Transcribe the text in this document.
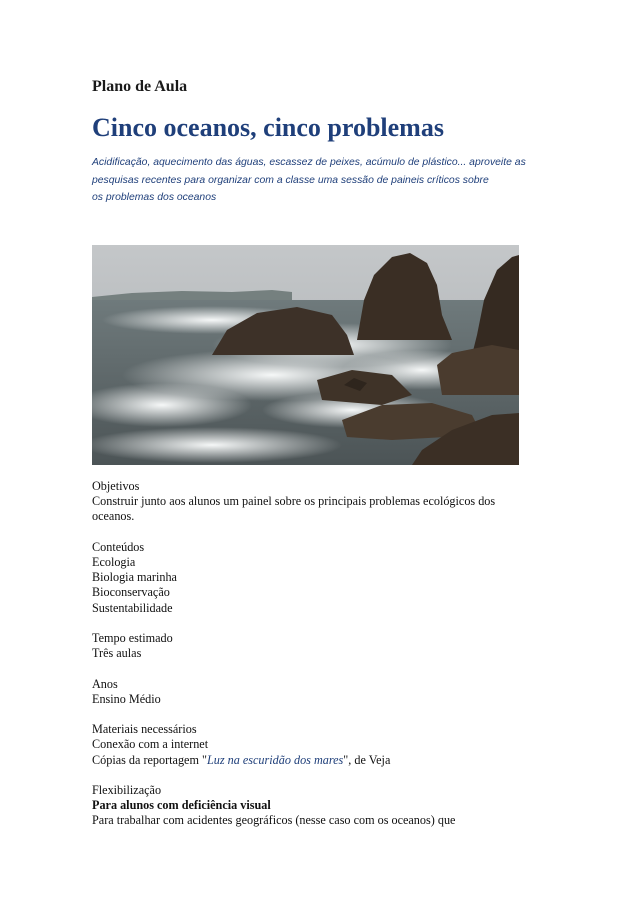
Plano de Aula
Cinco oceanos, cinco problemas
Acidificação, aquecimento das águas, escassez de peixes, acúmulo de plástico... aproveite as
pesquisas recentes para organizar com a classe uma sessão de paineis críticos sobre
os problemas dos oceanos
Objetivos
Construir junto aos alunos um painel sobre os principais problemas ecológicos dos
oceanos.
Conteúdos
Ecologia
Biologia marinha
Bioconservação
Sustentabilidade
Tempo estimado
Três aulas
Anos
Ensino Médio
Materiais necessários
Conexão com a internet
Cópias da reportagem "Luz na escuridão dos mares", de Veja
Flexibilização
Para alunos com deficiência visual
Para trabalhar com acidentes geográficos (nesse caso com os oceanos) que
